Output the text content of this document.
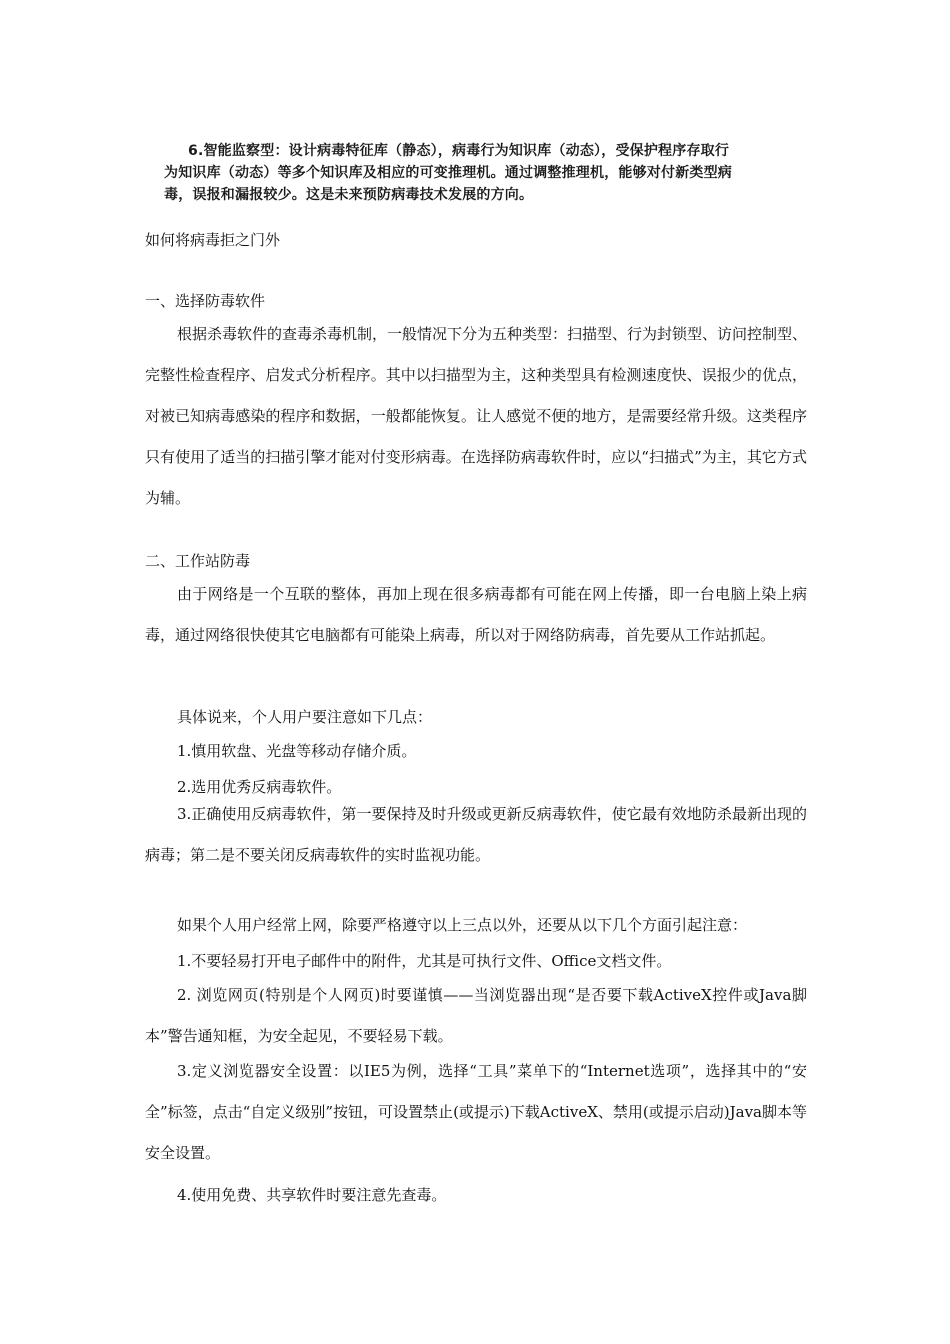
6.智能监察型：设计病毒特征库（静态），病毒行为知识库（动态），受保护程序存取行

为知识库（动态）等多个知识库及相应的可变推理机。通过调整推理机，能够对付新类型病

毒，误报和漏报较少。这是未来预防病毒技术发展的方向。

如何将病毒拒之门外
一、选择防毒软件

根据杀毒软件的查毒杀毒机制，一般情况下分为五种类型：扫描型、行为封锁型、访问控制型、完整性检查程序、启发式分析程序。其中以扫描型为主，这种类型具有检测速度快、误报少的优点，对被已知病毒感染的程序和数据，一般都能恢复。让人感觉不便的地方，是需要经常升级。这类程序只有使用了适当的扫描引擎才能对付变形病毒。在选择防病毒软件时，应以“扫描式”为主，其它方式为辅。

二、工作站防毒

由于网络是一个互联的整体，再加上现在很多病毒都有可能在网上传播，即一台电脑上染上病毒，通过网络很快使其它电脑都有可能染上病毒，所以对于网络防病毒，首先要从工作站抓起。

具体说来，个人用户要注意如下几点：
1.慎用软盘、光盘等移动存储介质。
2.选用优秀反病毒软件。

3.正确使用反病毒软件，第一要保持及时升级或更新反病毒软件，使它最有效地防杀最新出现的病毒；第二是不要关闭反病毒软件的实时监视功能。

如果个人用户经常上网，除要严格遵守以上三点以外，还要从以下几个方面引起注意：
1.不要轻易打开电子邮件中的附件，尤其是可执行文件、Office文档文件。

2. 浏览网页(特别是个人网页)时要谨慎——当浏览器出现“是否要下载ActiveX控件或Java脚本”警告通知框，为安全起见，不要轻易下载。

3.定义浏览器安全设置：以IE5为例，选择“工具”菜单下的“Internet选项”，选择其中的“安全”标签，点击“自定义级别”按钮，可设置禁止(或提示)下载ActiveX、禁用(或提示启动)Java脚本等安全设置。

4.使用免费、共享软件时要注意先查毒。
